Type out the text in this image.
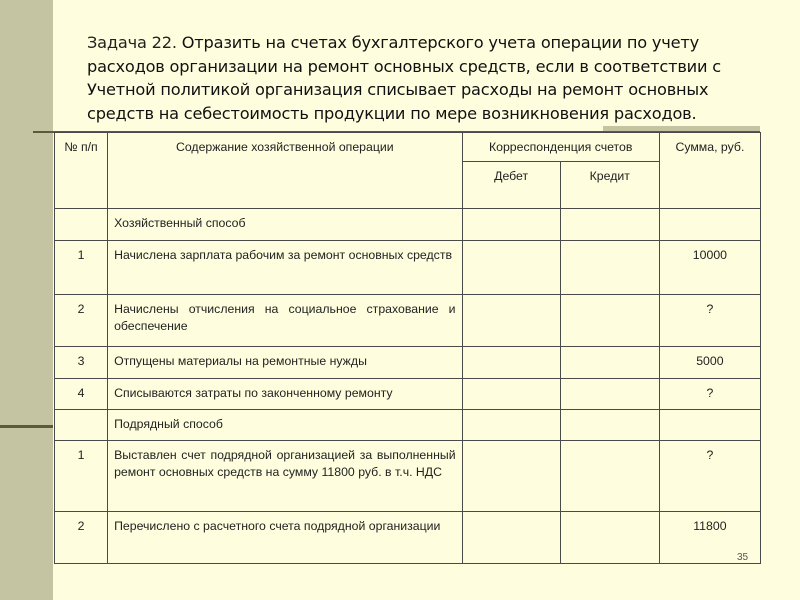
Задача 22. Отразить на счетах бухгалтерского учета операции по учету расходов организации на ремонт основных средств, если в соответствии с Учетной политикой организация списывает расходы на ремонт основных средств на себестоимость продукции по мере возникновения расходов.
№ п/п	Содержание хозяйственной операции	Корреспонденция счетов		Сумма, руб.
		Дебет	Кредит	
	Хозяйственный способ			
1	Начислена зарплата рабочим за ремонт основных средств			10000
2	Начислены отчисления на социальное страхование и обеспечение			?
3	Отпущены материалы на ремонтные нужды			5000
4	Списываются затраты по законченному ремонту			?
	Подрядный способ			
1	Выставлен счет подрядной организацией за выполненный ремонт основных средств на сумму 11800 руб. в т.ч. НДС			?
2	Перечислено с расчетного счета подрядной организации			11800
35
